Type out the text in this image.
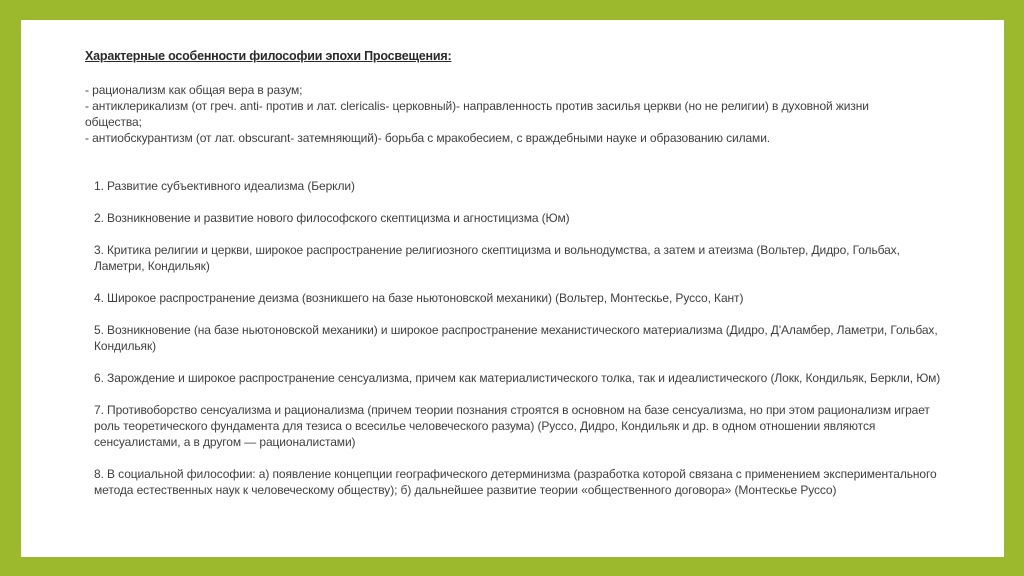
Характерные особенности философии эпохи Просвещения:
- рационализм как общая вера в разум;
- антиклерикализм (от греч. anti- против и лат. clericalis- церковный)- направленность против засилья церкви (но не религии) в духовной жизни общества;
- антиобскурантизм (от лат. obscurant- затемняющий)- борьба с мракобесием, с враждебными науке и образованию силами.
1. Развитие субъективного идеализма (Беркли)
2. Возникновение и развитие нового философского скептицизма и агностицизма (Юм)
3. Критика религии и церкви, широкое распространение религиозного скептицизма и вольнодумства, а затем и атеизма (Вольтер, Дидро, Гольбах, Ламетри, Кондильяк)
4. Широкое распространение деизма (возникшего на базе ньютоновской механики) (Вольтер, Монтескье, Руссо, Кант)
5. Возникновение (на базе ньютоновской механики) и широкое распространение механистического материализма (Дидро, Д'Аламбер, Ламетри, Гольбах, Кондильяк)
6. Зарождение и широкое распространение сенсуализма, причем как материалистического толка, так и идеалистического (Локк, Кондильяк, Беркли, Юм)
7. Противоборство сенсуализма и рационализма (причем теории познания строятся в основном на базе сенсуализма, но при этом рационализм играет роль теоретического фундамента для тезиса о всесилье человеческого разума) (Руссо, Дидро, Кондильяк и др. в одном отношении являются сенсуалистами, а в другом — рационалистами)
8. В социальной философии: а) появление концепции географического детерминизма (разработка которой связана с применением экспериментального метода естественных наук к человеческому обществу); б) дальнейшее развитие теории «общественного договора» (Монтескье Руссо)
